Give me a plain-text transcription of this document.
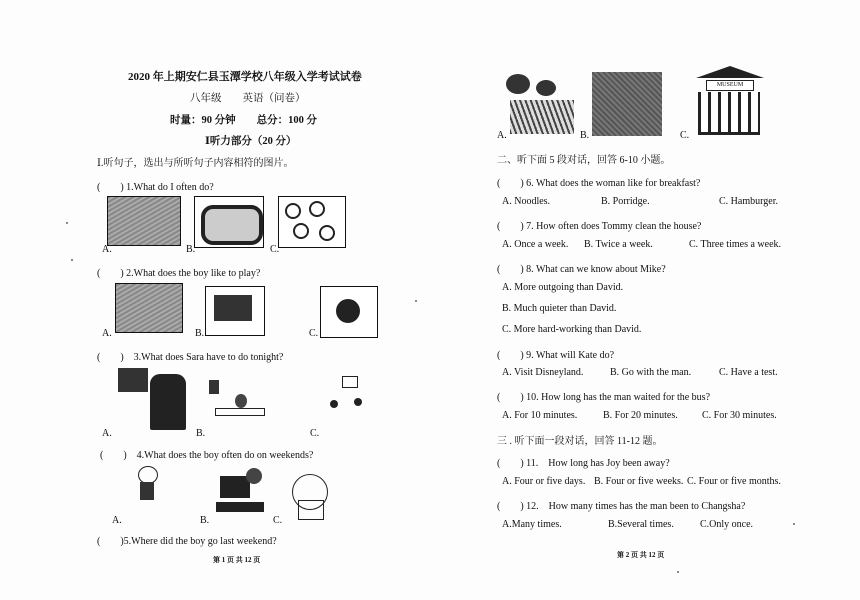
2020 年上期安仁县玉潭学校八年级入学考试试卷
八年级　　英语（问卷）
时量：90 分钟　　总分：100 分
Ⅰ听力部分（20 分）
Ⅰ.听句子，选出与所听句子内容相符的图片。
(　　) 1.What do I often do?
A.	B.	C.
(　　) 2.What does the boy like to play?
A.	B.	C.
(　　)　3.What does Sara have to do tonight?
A.	B.	C.
(　　)　4.What does the boy often do on weekends?
A.	B.	C.
(　　)5.Where did the boy go last weekend?
第 1 页 共 12 页
A.	B.
MUSEUM
C.
二、听下面 5 段对话，回答 6-10 小题。
(　　) 6. What does the woman like for breakfast?
A. Noodles.	B. Porridge.	C. Hamburger.
(　　) 7. How often does Tommy clean the house?
A. Once a week. B. Twice a week.	C. Three times a week.
(　　) 8. What can we know about Mike?
A. More outgoing than David.
B. Much quieter than David.
C. More hard-working than David.
(　　) 9. What will Kate do?
A. Visit Disneyland.	B. Go with the man.	C. Have a test.
(　　) 10. How long has the man waited for the bus?
A. For 10 minutes.	B. For 20 minutes. C. For 30 minutes.
三 . 听下面一段对话，回答 11-12 题。
(　　) 11.　How long has Joy been away?
A. Four or five days. B. Four or five weeks. C. Four or five months.
(　　) 12.　How many times has the man been to Changsha?
A.Many times.	B.Several times.	C.Only once.
第 2 页 共 12 页
